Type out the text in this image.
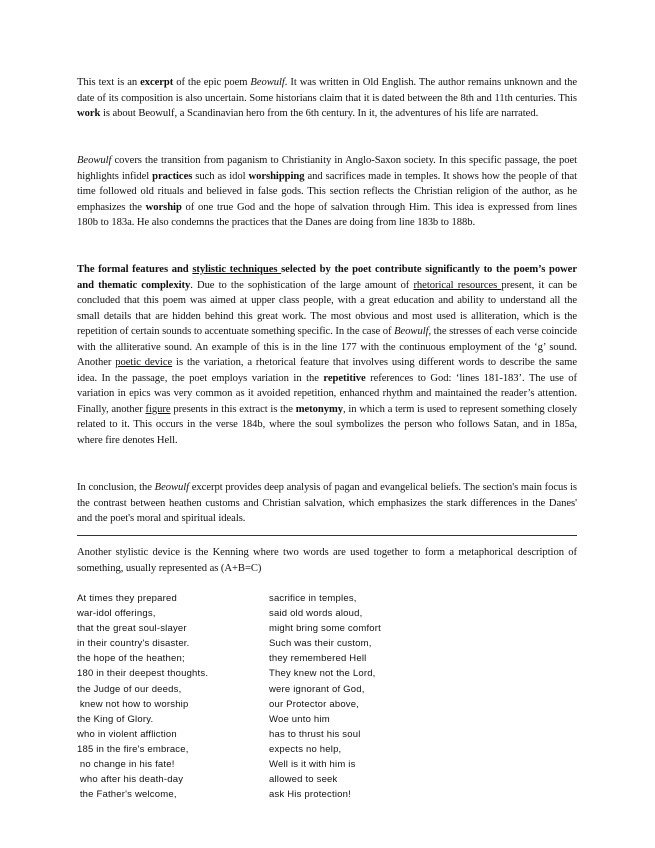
This text is an excerpt of the epic poem Beowulf. It was written in Old English. The author remains unknown and the date of its composition is also uncertain. Some historians claim that it is dated between the 8th and 11th centuries. This work is about Beowulf, a Scandinavian hero from the 6th century. In it, the adventures of his life are narrated.

Beowulf covers the transition from paganism to Christianity in Anglo-Saxon society. In this specific passage, the poet highlights infidel practices such as idol worshipping and sacrifices made in temples. It shows how the people of that time followed old rituals and believed in false gods. This section reflects the Christian religion of the author, as he emphasizes the worship of one true God and the hope of salvation through Him. This idea is expressed from lines 180b to 183a. He also condemns the practices that the Danes are doing from line 183b to 188b.

The formal features and stylistic techniques selected by the poet contribute significantly to the poem’s power and thematic complexity. Due to the sophistication of the large amount of rhetorical resources present, it can be concluded that this poem was aimed at upper class people, with a great education and ability to understand all the small details that are hidden behind this great work. The most obvious and most used is alliteration, which is the repetition of certain sounds to accentuate something specific. In the case of Beowulf, the stresses of each verse coincide with the alliterative sound. An example of this is in the line 177 with the continuous employment of the ‘g’ sound. Another poetic device is the variation, a rhetorical feature that involves using different words to describe the same idea. In the passage, the poet employs variation in the repetitive references to God: ‘lines 181-183’. The use of variation in epics was very common as it avoided repetition, enhanced rhythm and maintained the reader’s attention. Finally, another figure presents in this extract is the metonymy, in which a term is used to represent something closely related to it. This occurs in the verse 184b, where the soul symbolizes the person who follows Satan, and in 185a, where fire denotes Hell.

In conclusion, the Beowulf excerpt provides deep analysis of pagan and evangelical beliefs. The section's main focus is the contrast between heathen customs and Christian salvation, which emphasizes the stark differences in the Danes' and the poet's moral and spiritual ideals.

Another stylistic device is the Kenning where two words are used together to form a metaphorical description of something, usually represented as (A+B=C)

At times they prepared
war-idol offerings,
that the great soul-slayer
in their country's disaster.
the hope of the heathen;
180 in their deepest thoughts.
the Judge of our deeds,
knew not how to worship
the King of Glory.
who in violent affliction
185 in the fire's embrace,
no change in his fate!
who after his death-day
the Father's welcome,
sacrifice in temples,
said old words aloud,
might bring some comfort
Such was their custom,
they remembered Hell
They knew not the Lord,
were ignorant of God,
our Protector above,
Woe unto him
has to thrust his soul
expects no help,
Well is it with him is
allowed to seek
ask His protection!
